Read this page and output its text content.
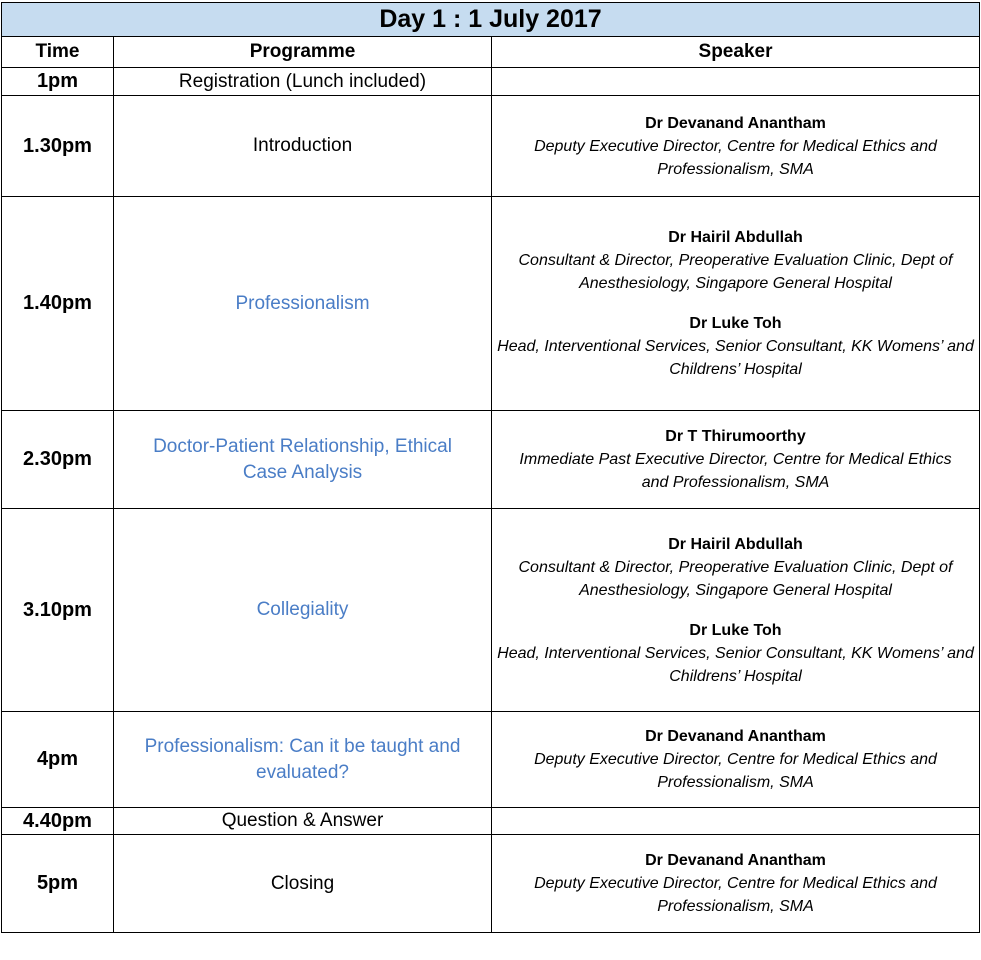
Day 1 : 1 July 2017		
Time	Programme	Speaker
1pm	Registration (Lunch included)	
1.30pm	Introduction	Dr Devanand Anantham
Deputy Executive Director, Centre for Medical Ethics and Professionalism, SMA

1.40pm	Professionalism	Dr Hairil Abdullah
Consultant & Director, Preoperative Evaluation Clinic, Dept of Anesthesiology, Singapore General Hospital
Dr Luke Toh
Head, Interventional Services, Senior Consultant, KK Womens’ and Childrens’ Hospital

2.30pm	Doctor-Patient Relationship, Ethical Case Analysis	Dr T Thirumoorthy
Immediate Past Executive Director, Centre for Medical Ethics and Professionalism, SMA

3.10pm	Collegiality	Dr Hairil Abdullah
Consultant & Director, Preoperative Evaluation Clinic, Dept of Anesthesiology, Singapore General Hospital
Dr Luke Toh
Head, Interventional Services, Senior Consultant, KK Womens’ and Childrens’ Hospital

4pm	Professionalism: Can it be taught and evaluated?	Dr Devanand Anantham
Deputy Executive Director, Centre for Medical Ethics and Professionalism, SMA

4.40pm	Question & Answer	
5pm	Closing	Dr Devanand Anantham
Deputy Executive Director, Centre for Medical Ethics and Professionalism, SMA
